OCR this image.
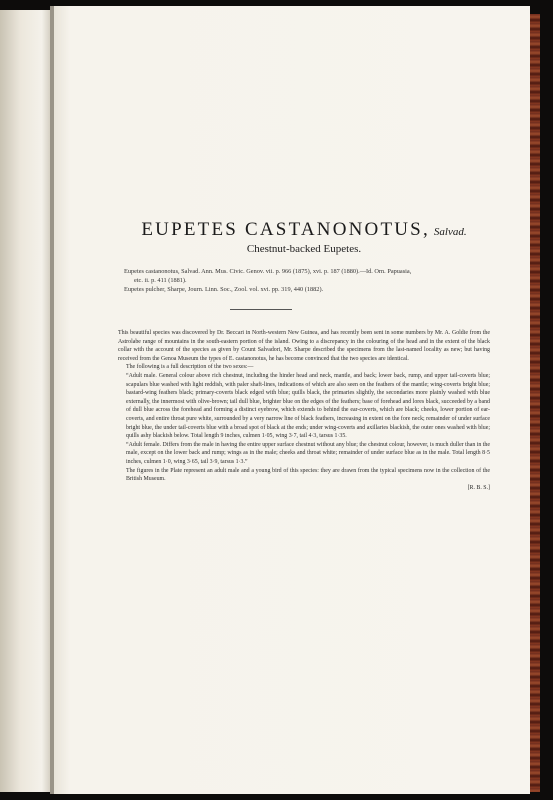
EUPETES CASTANONOTUS, Salvad.
Chestnut-backed Eupetes.
Eupetes castanonotus, Salvad. Ann. Mus. Civic. Genov. vii. p. 966 (1875), xvi. p. 187 (1880).—Id. Orn. Papuasia,
etc. ii. p. 411 (1881).
Eupetes pulcher, Sharpe, Journ. Linn. Soc., Zool. vol. xvi. pp. 319, 440 (1882).

This beautiful species was discovered by Dr. Beccari in North-western New Guinea, and has recently been sent in some numbers by Mr. A. Goldie from the Astrolabe range of mountains in the south-eastern portion of the island. Owing to a discrepancy in the colouring of the head and in the extent of the black collar with the account of the species as given by Count Salvadori, Mr. Sharpe described the specimens from the last-named locality as new; but having received from the Genoa Museum the types of E. castanonotus, he has become convinced that the two species are identical.

The following is a full description of the two sexes:—

“Adult male. General colour above rich chestnut, including the hinder head and neck, mantle, and back; lower back, rump, and upper tail-coverts blue; scapulars blue washed with light reddish, with paler shaft-lines, indications of which are also seen on the feathers of the mantle; wing-coverts bright blue; bastard-wing feathers black; primary-coverts black edged with blue; quills black, the primaries slightly, the secondaries more plainly washed with blue externally, the innermost with olive-brown; tail dull blue, brighter blue on the edges of the feathers; base of forehead and lores black, succeeded by a band of dull blue across the forehead and forming a distinct eyebrow, which extends to behind the ear-coverts, which are black; cheeks, lower portion of ear-coverts, and entire throat pure white, surrounded by a very narrow line of black feathers, increasing in extent on the fore neck; remainder of under surface bright blue, the under tail-coverts blue with a broad spot of black at the ends; under wing-coverts and axillaries blackish, the outer ones washed with blue; quills ashy blackish below. Total length 9 inches, culmen 1·05, wing 3·7, tail 4·3, tarsus 1·35.

“Adult female. Differs from the male in having the entire upper surface chestnut without any blue; the chestnut colour, however, is much duller than in the male, except on the lower back and rump; wings as in the male; cheeks and throat white; remainder of under surface blue as in the male. Total length 8·5 inches, culmen 1·0, wing 3·65, tail 3·9, tarsus 1·3.”

The figures in the Plate represent an adult male and a young bird of this species: they are drawn from the typical specimens now in the collection of the British Museum.

[R. B. S.]
